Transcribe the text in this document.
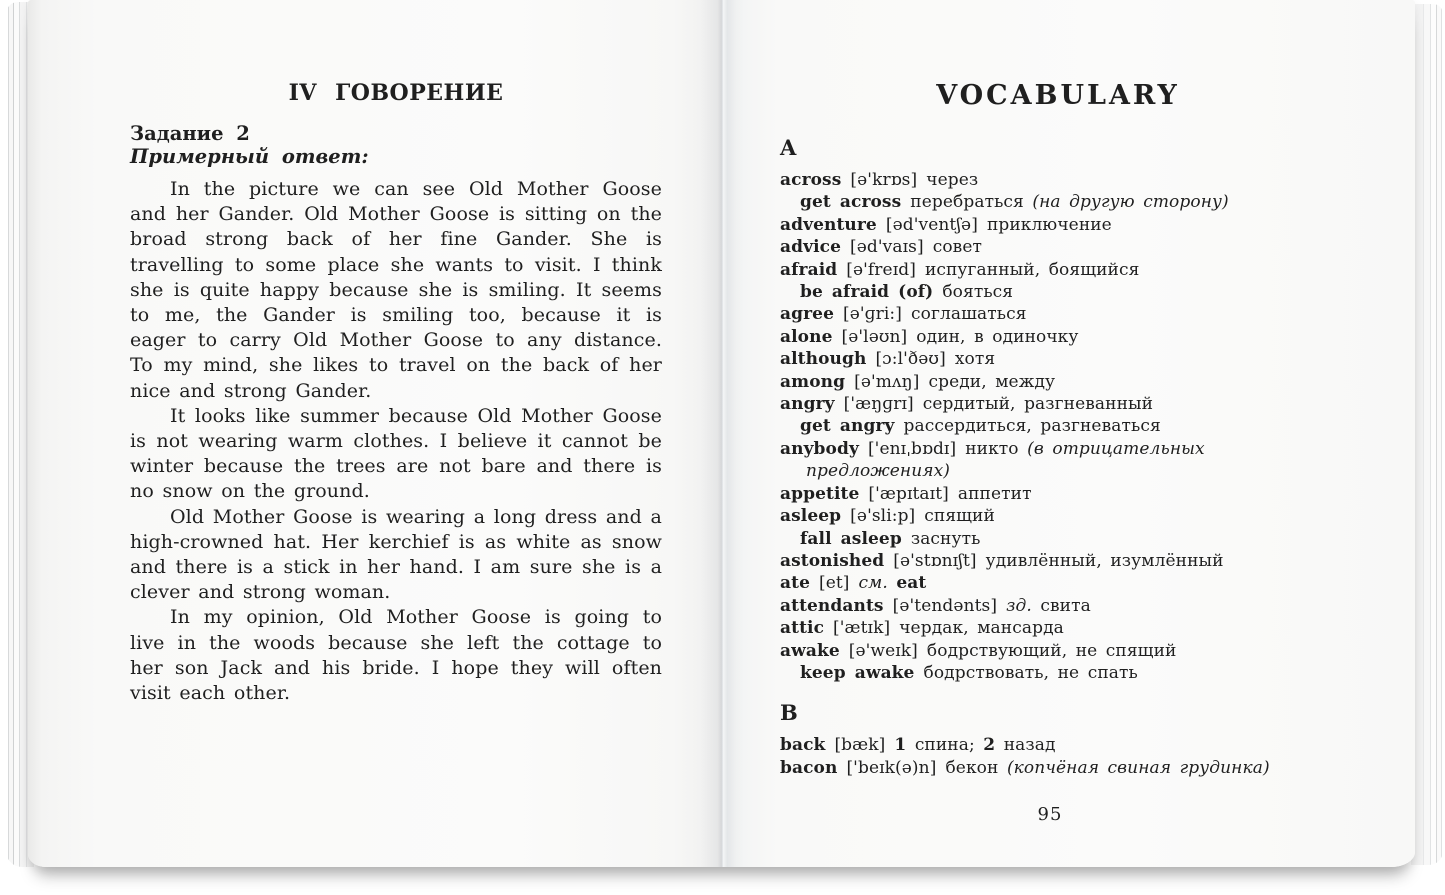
IV ГОВОРЕНИЕ

Задание 2

Примерный ответ:

In the picture we can see Old Mother Goose and her Gander. Old Mother Goose is sitting on the broad strong back of her fine Gander. She is travelling to some place she wants to visit. I think she is quite happy because she is smiling. It seems to me, the Gander is smiling too, because it is eager to carry Old Mother Goose to any distance. To my mind, she likes to travel on the back of her nice and strong Gander.

It looks like summer because Old Mother Goose is not wearing warm clothes. I believe it cannot be winter because the trees are not bare and there is no snow on the ground.

Old Mother Goose is wearing a long dress and a high-crowned hat. Her kerchief is as white as snow and there is a stick in her hand. I am sure she is a clever and strong woman.

In my opinion, Old Mother Goose is going to live in the woods because she left the cottage to her son Jack and his bride. I hope they will often visit each other.

VOCABULARY
A
across [ə'krɒs] через
get across перебраться (на другую сторону)
adventure [əd'ventʃə] приключение
advice [əd'vaɪs] совет
afraid [ə'freɪd] испуганный, боящийся
be afraid (of) бояться
agree [ə'ɡri:] соглашаться
alone [ə'ləʊn] один, в одиночку
although [ɔ:l'ðəʊ] хотя
among [ə'mʌŋ] среди, между
angry ['æŋɡrɪ] сердитый, разгневанный
get angry рассердиться, разгневаться
anybody ['enɪˌbɒdɪ] никто (в отрицательных предложениях)
appetite ['æpɪtaɪt] аппетит
asleep [ə'sli:p] спящий
fall asleep заснуть
astonished [ə'stɒnɪʃt] удивлённый, изумлённый
ate [et] см. eat
attendants [ə'tendənts] зд. свита
attic ['ætɪk] чердак, мансарда
awake [ə'weɪk] бодрствующий, не спящий
keep awake бодрствовать, не спать
B
back [bæk] 1 спина; 2 назад
bacon ['beɪk(ə)n] бекон (копчёная свиная грудинка)
95
